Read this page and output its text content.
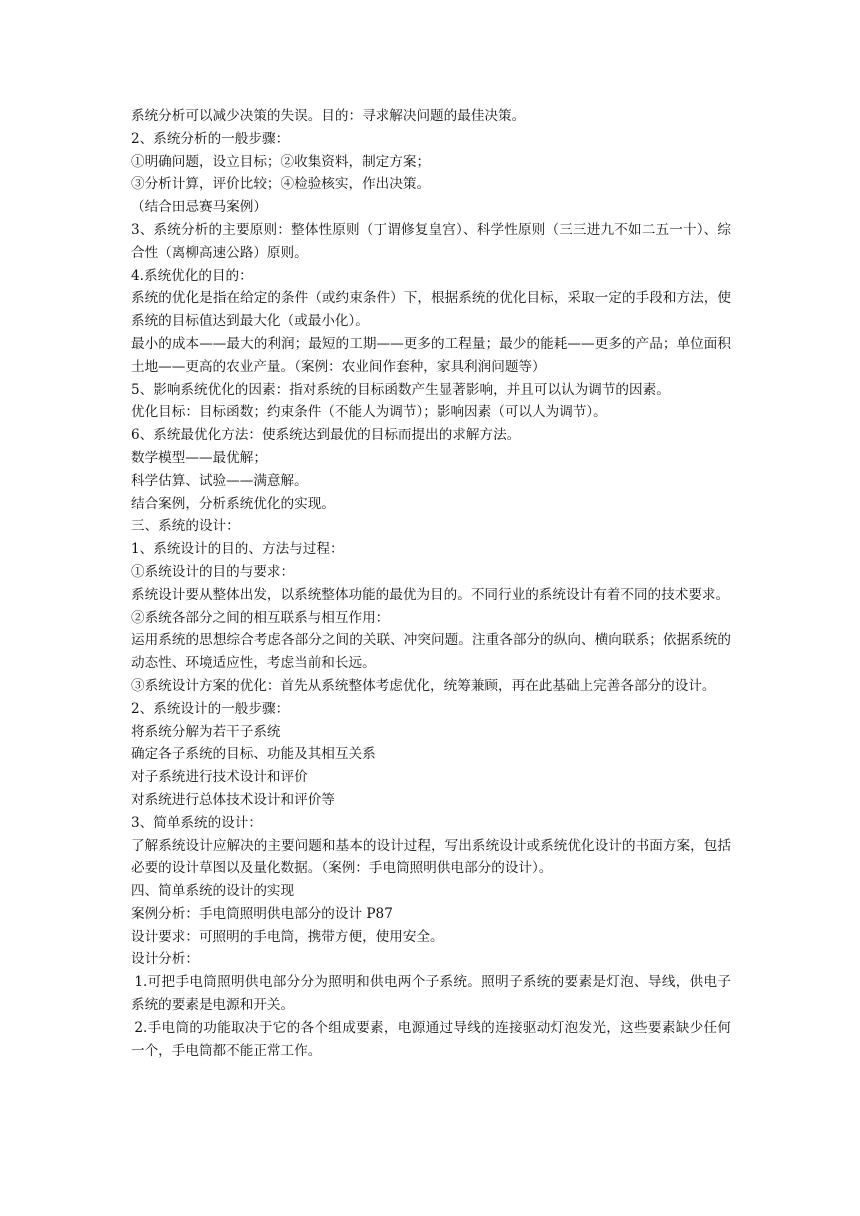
系统分析可以减少决策的失误。目的：寻求解决问题的最佳决策。

2、系统分析的一般步骤：

①明确问题，设立目标；②收集资料，制定方案；

③分析计算，评价比较；④检验核实，作出决策。

（结合田忌赛马案例）

3、系统分析的主要原则：整体性原则（丁谓修复皇宫）、科学性原则（三三进九不如二五一十）、综合性（离柳高速公路）原则。

4.系统优化的目的：

系统的优化是指在给定的条件（或约束条件）下，根据系统的优化目标，采取一定的手段和方法，使系统的目标值达到最大化（或最小化）。

最小的成本——最大的利润；最短的工期——更多的工程量；最少的能耗——更多的产品；单位面积土地——更高的农业产量。（案例：农业间作套种，家具利润问题等）

5、影响系统优化的因素：指对系统的目标函数产生显著影响，并且可以认为调节的因素。

优化目标：目标函数；约束条件（不能人为调节）；影响因素（可以人为调节）。

6、系统最优化方法：使系统达到最优的目标而提出的求解方法。

数学模型——最优解；

科学估算、试验——满意解。

结合案例，分析系统优化的实现。

三、系统的设计：

1、系统设计的目的、方法与过程：

①系统设计的目的与要求：

系统设计要从整体出发，以系统整体功能的最优为目的。不同行业的系统设计有着不同的技术要求。

②系统各部分之间的相互联系与相互作用：

运用系统的思想综合考虑各部分之间的关联、冲突问题。注重各部分的纵向、横向联系；依据系统的动态性、环境适应性，考虑当前和长远。

③系统设计方案的优化：首先从系统整体考虑优化，统筹兼顾，再在此基础上完善各部分的设计。

2、系统设计的一般步骤：

将系统分解为若干子系统

确定各子系统的目标、功能及其相互关系

对子系统进行技术设计和评价

对系统进行总体技术设计和评价等

3、简单系统的设计：

了解系统设计应解决的主要问题和基本的设计过程，写出系统设计或系统优化设计的书面方案，包括必要的设计草图以及量化数据。（案例：手电筒照明供电部分的设计）。

四、简单系统的设计的实现

案例分析：手电筒照明供电部分的设计 P87

设计要求：可照明的手电筒，携带方便，使用安全。

设计分析：

1.可把手电筒照明供电部分分为照明和供电两个子系统。照明子系统的要素是灯泡、导线，供电子系统的要素是电源和开关。

2.手电筒的功能取决于它的各个组成要素，电源通过导线的连接驱动灯泡发光，这些要素缺少任何一个，手电筒都不能正常工作。
